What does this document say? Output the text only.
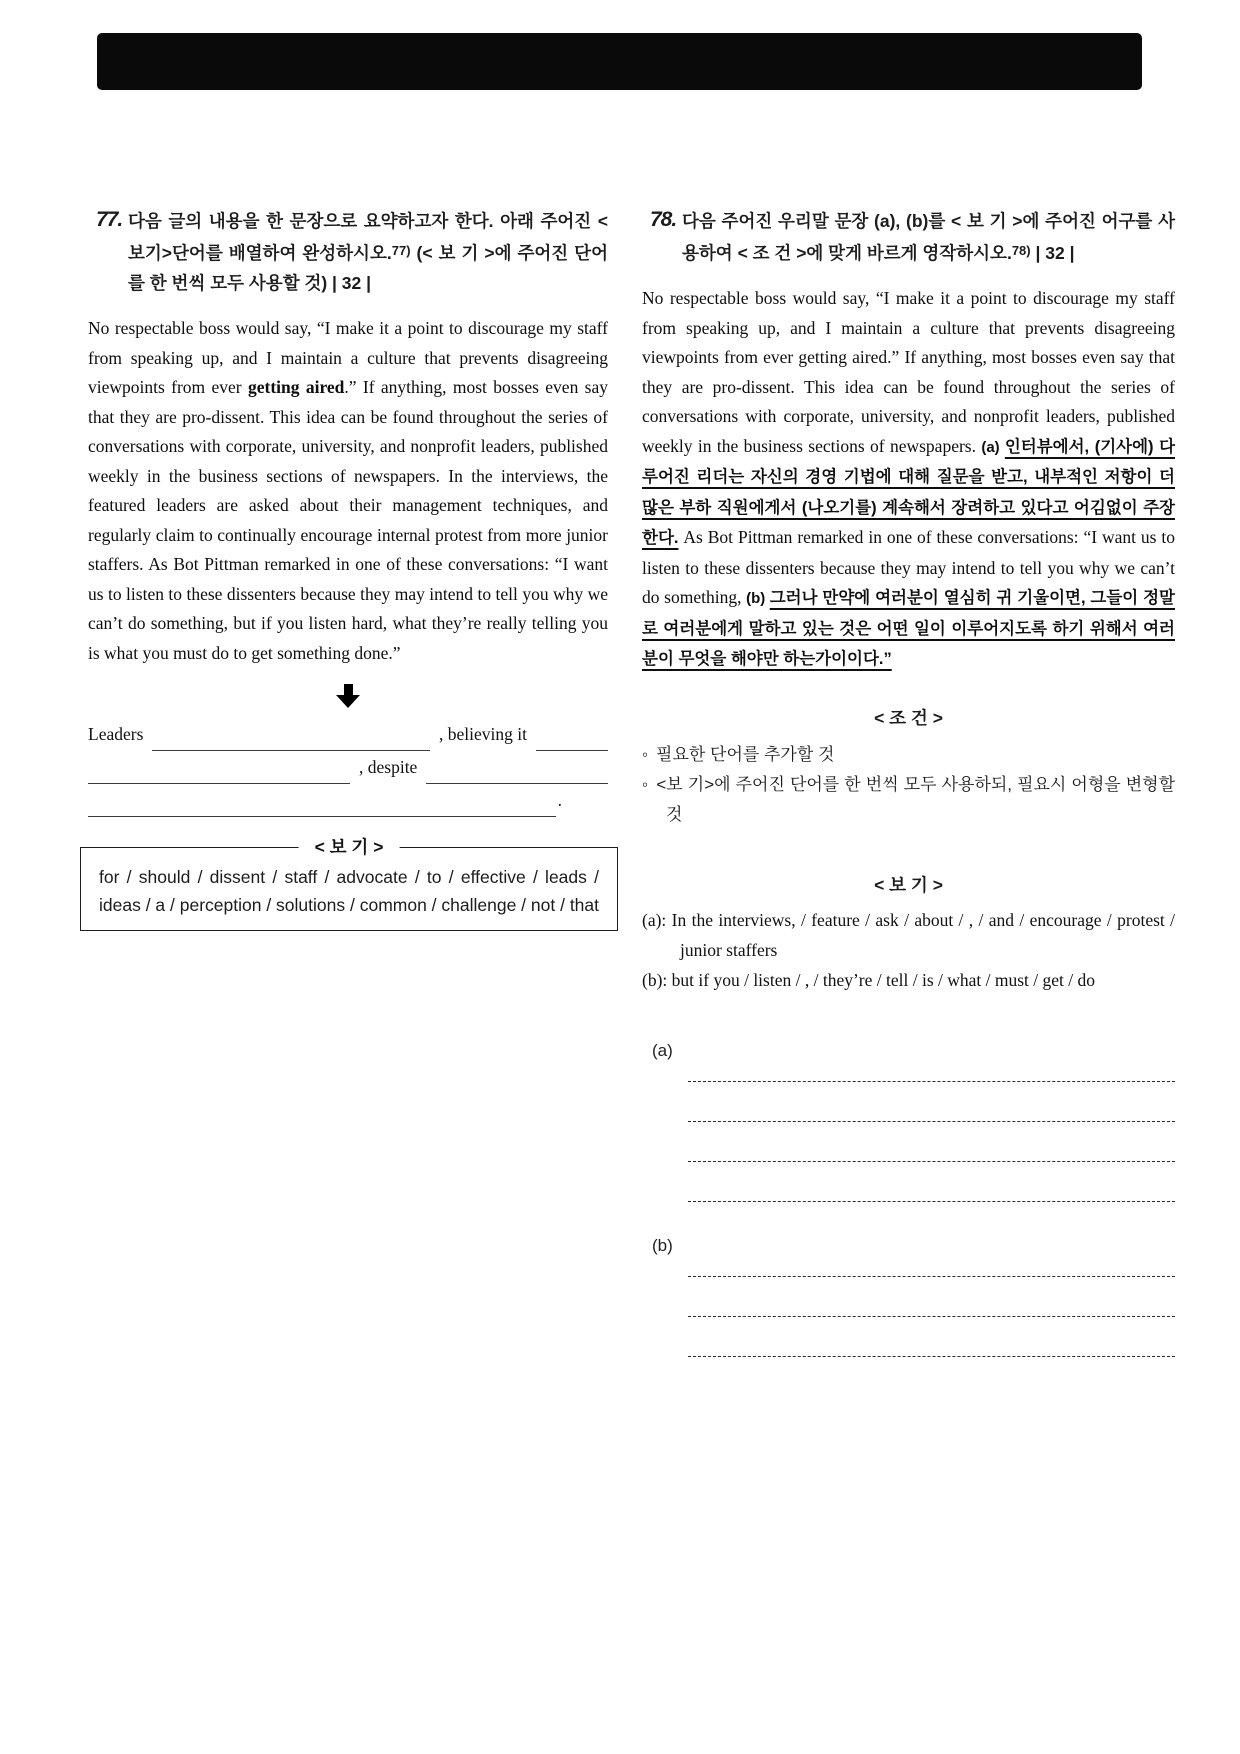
77. 다음 글의 내용을 한 문장으로 요약하고자 한다. 아래 주어진 <보기>단어를 배열하여 완성하시오.$^{77)}$ (< 보 기 >에 주어진 단어를 한 번씩 모두 사용할 것) | 32 |
No respectable boss would say, “I make it a point to discourage my staff from speaking up, and I maintain a culture that prevents disagreeing viewpoints from ever getting aired.” If anything, most bosses even say that they are pro-dissent. This idea can be found throughout the series of conversations with corporate, university, and nonprofit leaders, published weekly in the business sections of newspapers. In the interviews, the featured leaders are asked about their management techniques, and regularly claim to continually encourage internal protest from more junior staffers. As Bot Pittman remarked in one of these conversations: “I want us to listen to these dissenters because they may intend to tell you why we can’t do something, but if you listen hard, what they’re really telling you is what you must do to get something done.”
Leaders	, believing it
, despite
.
< 보 기 >
for / should / dissent / staff / advocate / to / effective / leads / ideas / a / perception / solutions / common / challenge / not / that
78. 다음 주어진 우리말 문장 (a), (b)를 < 보 기 >에 주어진 어구를 사용하여 < 조 건 >에 맞게 바르게 영작하시오.$^{78)}$ | 32 |
No respectable boss would say, “I make it a point to discourage my staff from speaking up, and I maintain a culture that prevents disagreeing viewpoints from ever getting aired.” If anything, most bosses even say that they are pro-dissent. This idea can be found throughout the series of conversations with corporate, university, and nonprofit leaders, published weekly in the business sections of newspapers. (a) 인터뷰에서, (기사에) 다루어진 리더는 자신의 경영 기법에 대해 질문을 받고, 내부적인 저항이 더 많은 부하 직원에게서 (나오기를) 계속해서 장려하고 있다고 어김없이 주장한다. As Bot Pittman remarked in one of these conversations: “I want us to listen to these dissenters because they may intend to tell you why we can’t do something, (b) 그러나 만약에 여러분이 열심히 귀 기울이면, 그들이 정말로 여러분에게 말하고 있는 것은 어떤 일이 이루어지도록 하기 위해서 여러분이 무엇을 해야만 하는가이이다.”
< 조 건 >
◦ 필요한 단어를 추가할 것
◦ <보 기>에 주어진 단어를 한 번씩 모두 사용하되, 필요시 어형을 변형할 것
< 보 기 >
(a): In the interviews, / feature / ask / about / , / and / encourage / protest / junior staffers
(b): but if you / listen / , / they’re / tell / is / what / must / get / do
(a)
(b)
